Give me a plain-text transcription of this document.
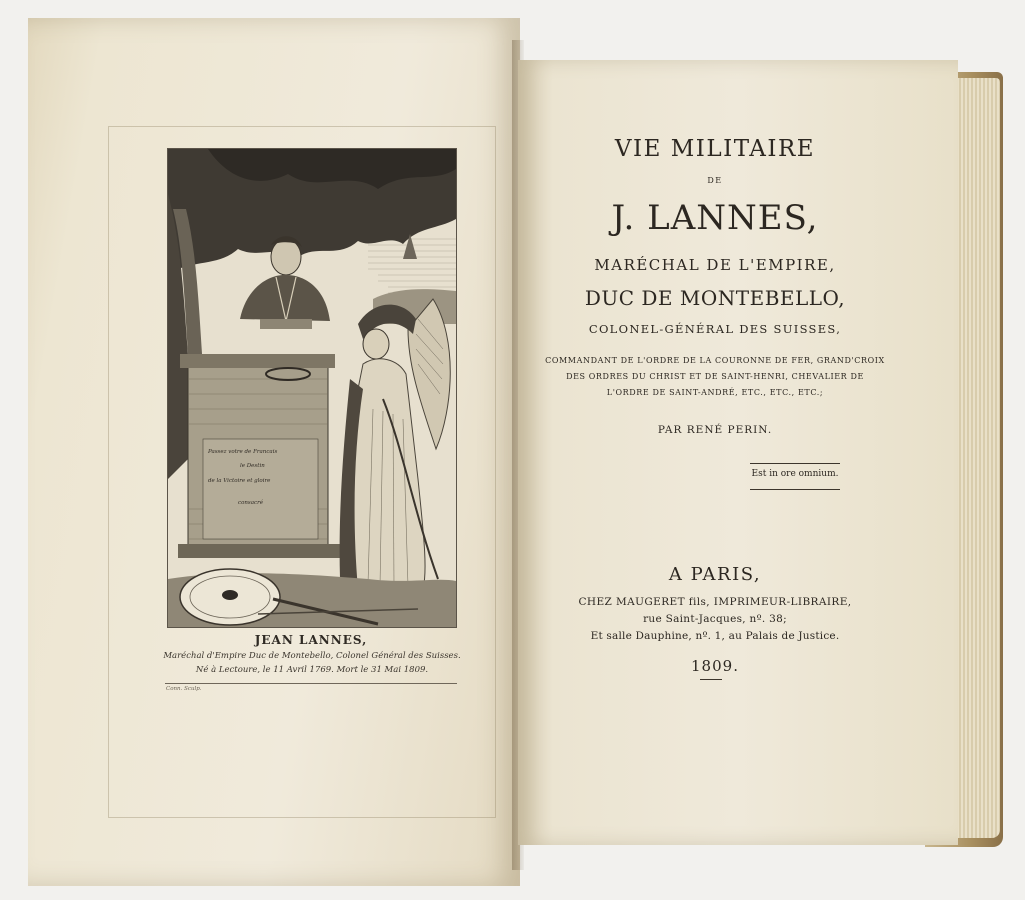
Passez votre de Francais
le Destin
de la Victoire et gloire
consacré
JEAN LANNES,
Maréchal d'Empire Duc de Montebello, Colonel Général des Suisses.
Né à Lectoure, le 11 Avril 1769. Mort le 31 Mai 1809.
Conn. Sculp.
VIE MILITAIRE
DE
J. LANNES,
MARÉCHAL DE L'EMPIRE,
DUC DE MONTEBELLO,
COLONEL-GÉNÉRAL DES SUISSES,
COMMANDANT DE L'ORDRE DE LA COURONNE DE FER, GRAND'CROIX
DES ORDRES DU CHRIST ET DE SAINT-HENRI, CHEVALIER DE
L'ORDRE DE SAINT-ANDRÉ, ETC., ETC., ETC.;
PAR RENÉ PERIN.
Est in ore omnium.
A PARIS,
CHEZ MAUGERET fils, IMPRIMEUR-LIBRAIRE,
rue Saint-Jacques, nº. 38;
Et salle Dauphine, nº. 1, au Palais de Justice.
1809.
